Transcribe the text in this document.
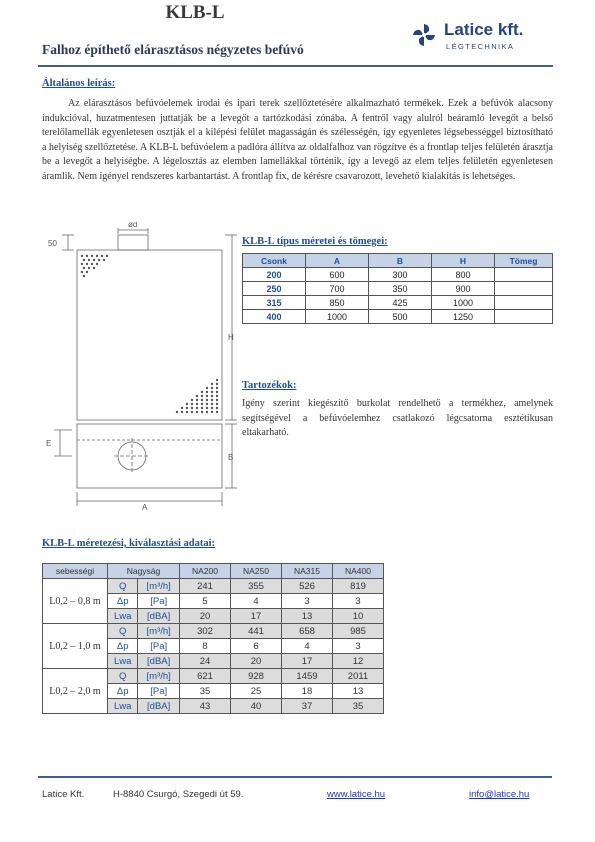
KLB-L
Falhoz építhető elárasztásos négyzetes befúvó
Latice kft.
LÉGTECHNIKA
Általános leírás:
Az elárasztásos befúvóelemek irodai és ipari terek szellőztetésére alkalmazható termékek. Ezek a befúvók alacsony indukcióval, huzatmentesen juttatják be a levegőt a tartózkodási zónába. A fentről vagy alulról beáramló levegőt a belső terelőlamellák egyenletesen osztják el a kilépési felület magasságán és szélességén, így egyenletes légsebességgel biztosítható a helyiség szellőztetése. A KLB-L befúvóelem a padlóra állítva az oldalfalhoz van rögzítve és a frontlap teljes felületén árasztja be a levegőt a helyiségbe. A légelosztás az elemben lamellákkal történik, így a levegő az elem teljes felületén egyenletesen áramlik. Nem igényel rendszeres karbantartást. A frontlap fix, de kérésre csavarozott, levehető kialakítás is lehetséges.
ød
50
H
E
B
A
KLB-L típus méretei és tömegei:
Csonk	A	B	H	Tömeg
200	600	300	800	
250	700	350	900	
315	850	425	1000	
400	1000	500	1250	
Tartozékok:
Igény szerint kiegészítő burkolat rendelhető a termékhez, amelynek segítségével a befúvóelemhez csatlakozó légcsatorna esztétikusan eltakarható.
KLB-L méretezési, kiválasztási adatai:
sebességi	Nagyság		NA200	NA250	NA315	NA400
L0,2 – 0,8 m	Q	[m³/h]	241	355	526	819
	Δp	[Pa]	5	4	3	3
	Lwa	[dBA]	20	17	13	10
L0,2 – 1,0 m	Q	[m³/h]	302	441	658	985
	Δp	[Pa]	8	6	4	3
	Lwa	[dBA]	24	20	17	12
L0,2 – 2,0 m	Q	[m³/h]	621	928	1459	2011
	Δp	[Pa]	35	25	18	13
	Lwa	[dBA]	43	40	37	35
Latice Kft.	H-8840 Csurgó, Szegedi út 59.	www.latice.hu	info@latice.hu
